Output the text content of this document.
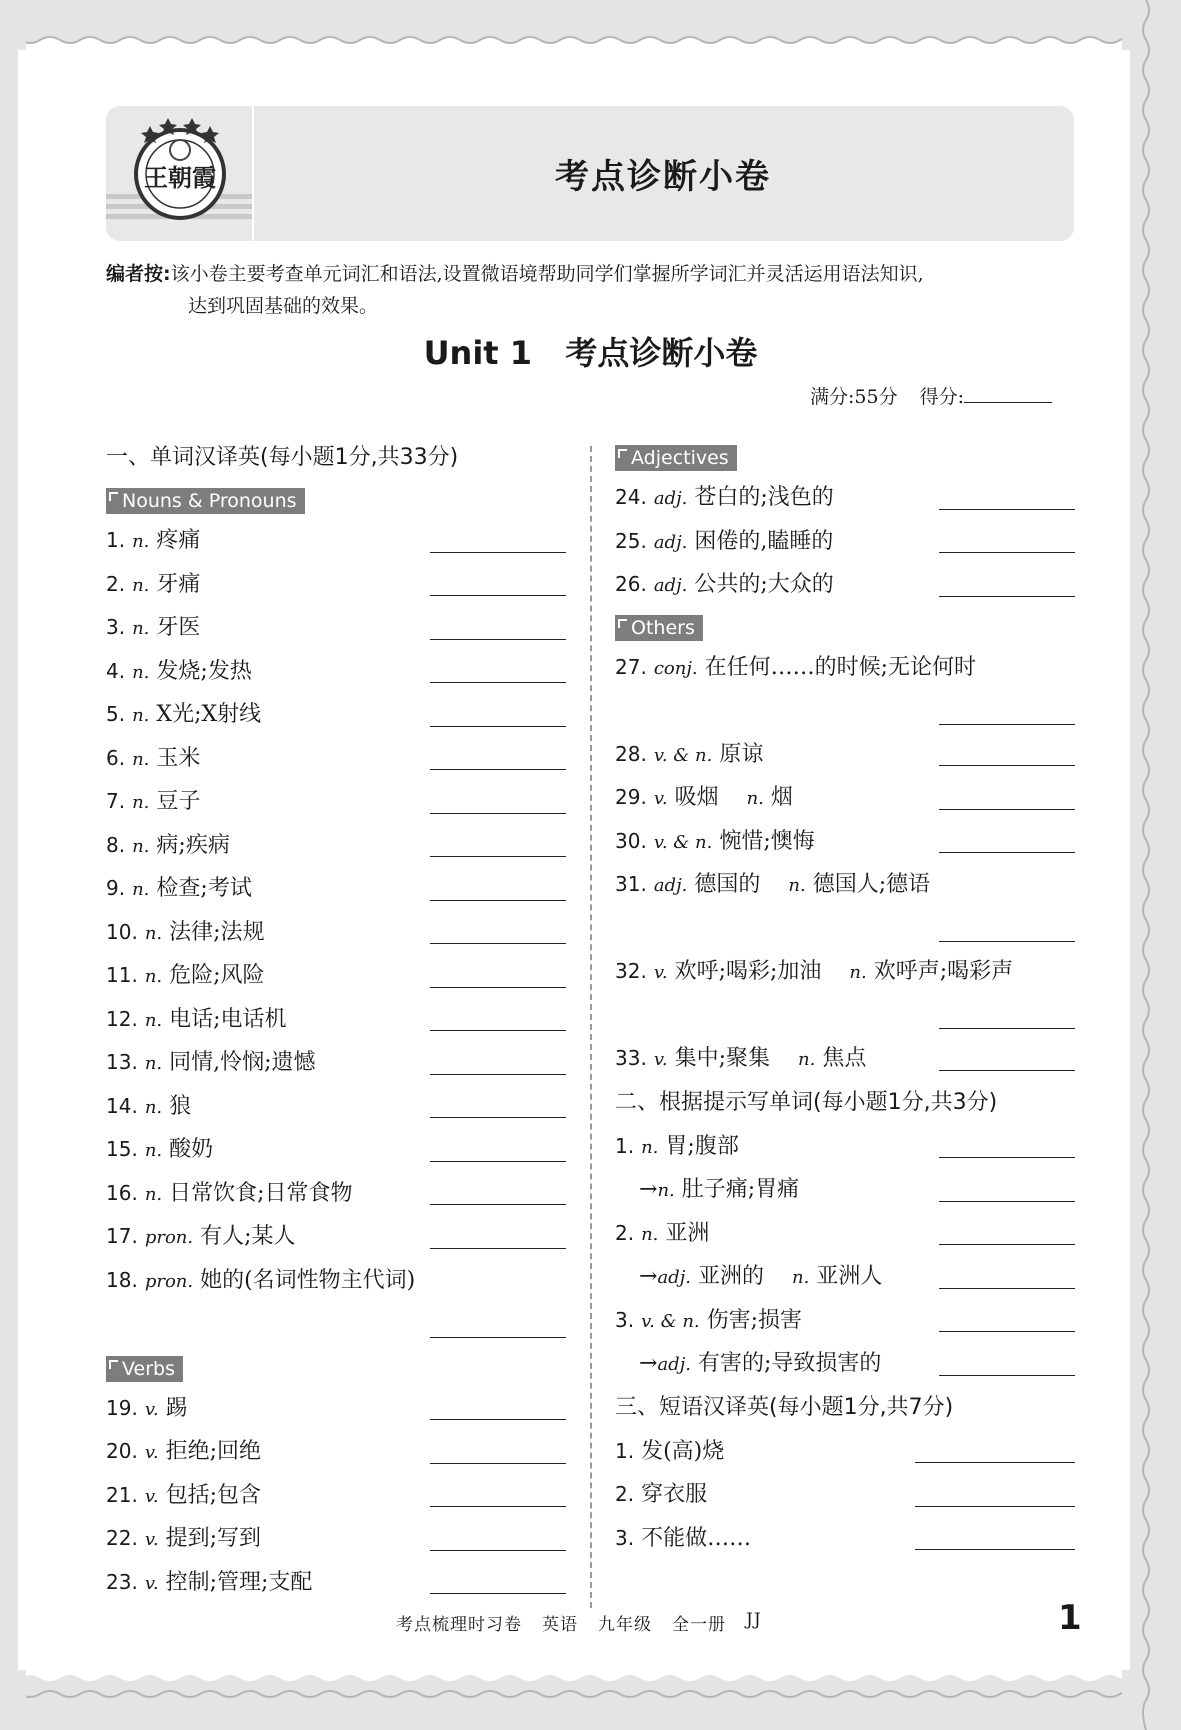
王朝霞	考点诊断小卷
编者按:该小卷主要考查单元词汇和语法,设置微语境帮助同学们掌握所学词汇并灵活运用语法知识,
达到巩固基础的效果。
Unit 1   考点诊断小卷
满分:55分 得分:
一、单词汉译英(每小题1分,共33分)
Nouns & Pronouns
1. n. 疼痛
2. n. 牙痛
3. n. 牙医
4. n. 发烧;发热
5. n. X光;X射线
6. n. 玉米
7. n. 豆子
8. n. 病;疾病
9. n. 检查;考试
10. n. 法律;法规
11. n. 危险;风险
12. n. 电话;电话机
13. n. 同情,怜悯;遗憾
14. n. 狼
15. n. 酸奶
16. n. 日常饮食;日常食物
17. pron. 有人;某人
18. pron. 她的(名词性物主代词)
Verbs
19. v. 踢
20. v. 拒绝;回绝
21. v. 包括;包含
22. v. 提到;写到
23. v. 控制;管理;支配
Adjectives
24. adj. 苍白的;浅色的
25. adj. 困倦的,瞌睡的
26. adj. 公共的;大众的
Others
27. conj. 在任何……的时候;无论何时
28. v. & n. 原谅
29. v. 吸烟 n. 烟
30. v. & n. 惋惜;懊悔
31. adj. 德国的 n. 德国人;德语
32. v. 欢呼;喝彩;加油 n. 欢呼声;喝彩声
33. v. 集中;聚集 n. 焦点
二、根据提示写单词(每小题1分,共3分)
1. n. 胃;腹部
→n. 肚子痛;胃痛
2. n. 亚洲
→adj. 亚洲的 n. 亚洲人
3. v. & n. 伤害;损害
→adj. 有害的;导致损害的
三、短语汉译英(每小题1分,共7分)
1. 发(高)烧
2. 穿衣服
3. 不能做……
考点梳理时习卷 英语 九年级 全一册 JJ	1
